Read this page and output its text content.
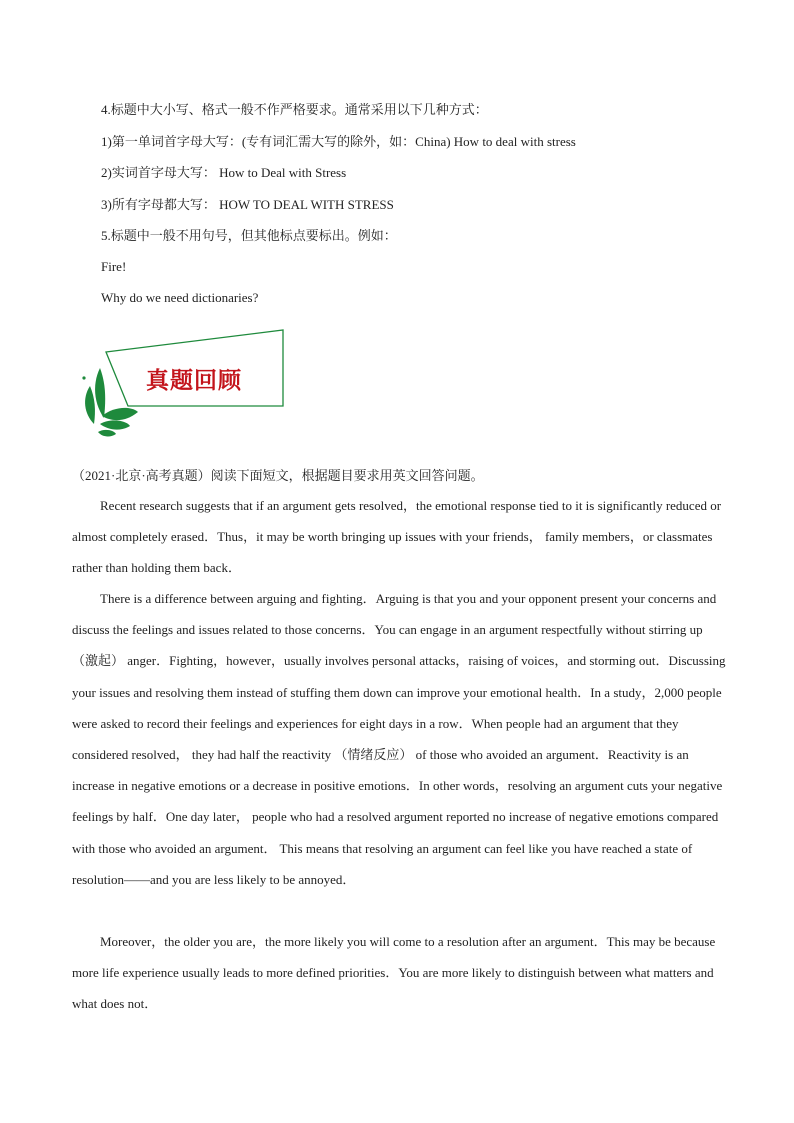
4.标题中大小写、格式一般不作严格要求。通常采用以下几种方式：
1)第一单词首字母大写：(专有词汇需大写的除外，如：China) How to deal with stress
2)实词首字母大写： How to Deal with Stress
3)所有字母都大写： HOW TO DEAL WITH STRESS
5.标题中一般不用句号，但其他标点要标出。例如：
Fire!
Why do we need dictionaries?
真题回顾
（2021·北京·高考真题）阅读下面短文，根据题目要求用英文回答问题。
Recent research suggests that if an argument gets resolved，the emotional response tied to it is significantly reduced or almost completely erased．Thus，it may be worth bringing up issues with your friends， family members，or classmates rather than holding them back．
There is a difference between arguing and fighting．Arguing is that you and your opponent present your concerns and discuss the feelings and issues related to those concerns．You can engage in an argument respectfully without stirring up（激起） anger．Fighting，however，usually involves personal attacks，raising of voices，and storming out．Discussing your issues and resolving them instead of stuffing them down can improve your emotional health．In a study，2,000 people were asked to record their feelings and experiences for eight days in a row．When people had an argument that they considered resolved， they had half the reactivity （情绪反应） of those who avoided an argument．Reactivity is an increase in negative emotions or a decrease in positive emotions．In other words，resolving an argument cuts your negative feelings by half．One day later， people who had a resolved argument reported no increase of negative emotions compared with those who avoided an argument． This means that resolving an argument can feel like you have reached a state of resolution——and you are less likely to be annoyed．
Moreover，the older you are，the more likely you will come to a resolution after an argument．This may be because more life experience usually leads to more defined priorities．You are more likely to distinguish between what matters and what does not．
